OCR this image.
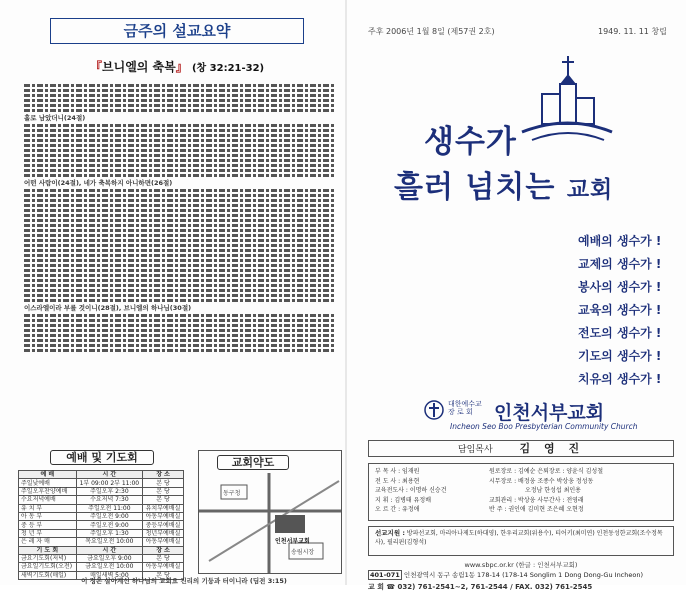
금주의 설교요약
『브니엘의 축복』 (창 32:21-32)
홀로 남았더니(24절)
어떤 사람이(24절), 네가 축복하지 아니하면(26절)
이스라엘이라 부를 것이니(28절), 브니엘의 하나님(30절)
예배 및 기도회
예 배	시 간	장 소
주일낮예배	1부 09:00 2부 11:00	본 당
주일오후찬양예배	주일오후 2:30	본 당
수요저녁예배	수요저녁 7:30	본 당
유 치 부	주일오전 11:00	유치부예배실
아 동 부	주일오전 9:00	아동부예배실
중 등 부	주일오전 9:00	중등부예배실
청 년 부	주일오후 1:30	청년부예배실
은 레 자 매	목요일오전 10:00	아동부예배실
기 도 회	시 간	장 소
금요기도회(저녁)	금요일오후 9:00	본 당
금요일기도회(오전)	금요일오전 10:00	아동부예배실
새벽기도회(매일)	매일새벽 5:00	본 당
교회약도
동구청
인천서부교회
송림시장
이 정은 살아계신 하나님의 교회요 진리의 기둥과 터이니라 (딤전 3:15)
주후 2006년 1월 8일 (제57권 2호)	1949. 11. 11 창립
생수가
흘러 넘치는 교회
예배의 생수가 !
교제의 생수가 !
봉사의 생수가 !
교육의 생수가 !
전도의 생수가 !
기도의 생수가 !
치유의 생수가 !
대한예수교
장 로 회	인천서부교회
Incheon Seo Boo Presbyterian Community Church
담임목사 김 영 진
부 목 사 : 임재원
전 도 사 : 최용현
교육전도사 : 이명하 신승건
지 휘 : 김병태 유정배
오 르 간 : 유정애
원로장로 : 김예순 은퇴장로 : 양윤식 김성철
시무장로 : 배정웅 조종수 박상웅 정성동
오정남 한성섭 최인용
교회관리 : 박상웅 사무간사 : 전영래
반 주 : 권인애 김미현 조은혜 오현정
선교지원 : 방파선교회, 마리아나제도(하대영), 한우리교회(위용수), 티어키(최미연) 인천동성한교회(조수정목사), 필리핀(김형석)
www.sbpc.or.kr (한글 : 인천서부교회)
401-071 인천광역시 동구 송림1동 178-14 (178-14 Songlim 1 Dong Dong-Gu Incheon)
교 회 ☎ 032) 761-2541~2, 761-2544 / FAX. 032) 761-2545
